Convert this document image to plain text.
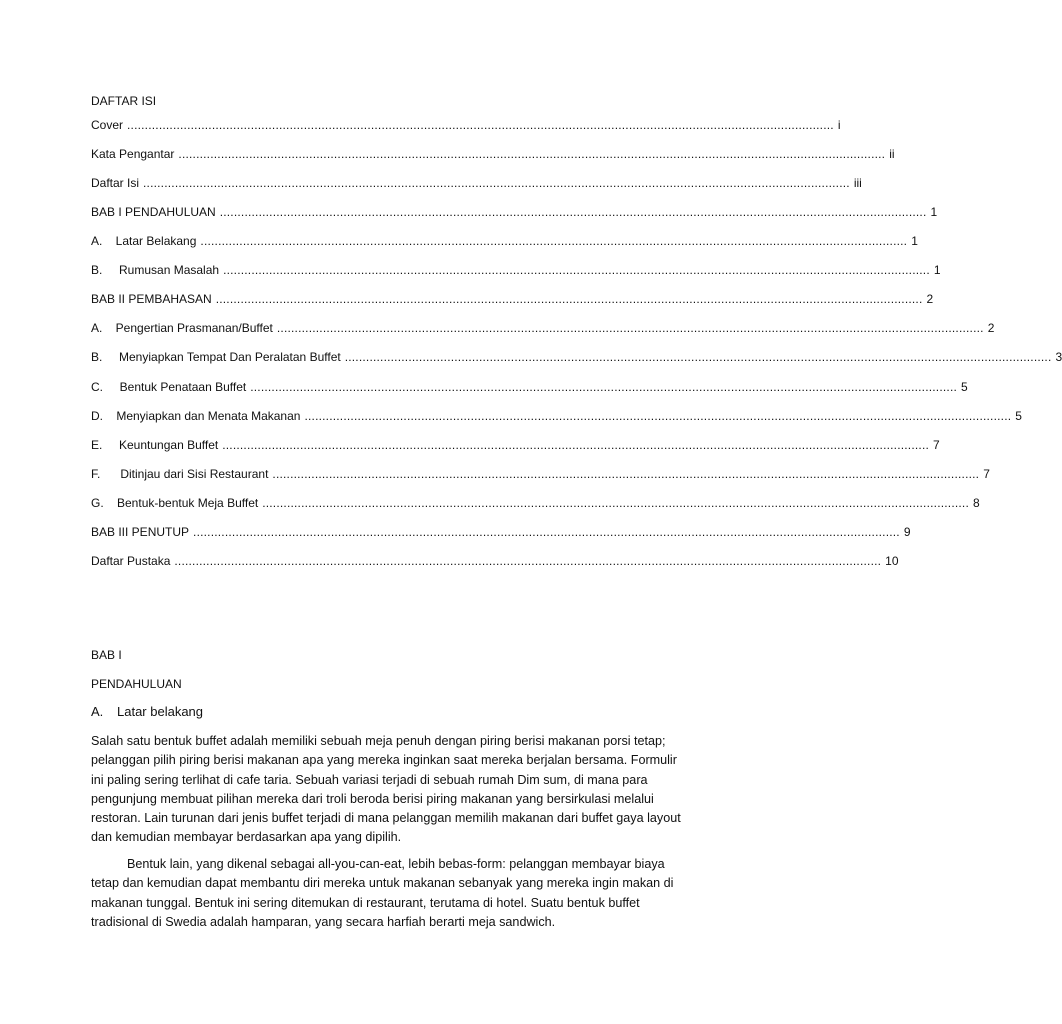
DAFTAR ISI
Cover ........................................................................................................................................................................................................ i
Kata Pengantar ........................................................................................................................................................................................................ ii
Daftar Isi ........................................................................................................................................................................................................ iii
BAB I PENDAHULUAN ........................................................................................................................................................................................................ 1
A.    Latar Belakang ........................................................................................................................................................................................................ 1
B.     Rumusan Masalah ........................................................................................................................................................................................................ 1
BAB II PEMBAHASAN ........................................................................................................................................................................................................ 2
A.    Pengertian Prasmanan/Buffet ........................................................................................................................................................................................................ 2
B.     Menyiapkan Tempat Dan Peralatan Buffet ........................................................................................................................................................................................................ 3
C.     Bentuk Penataan Buffet ........................................................................................................................................................................................................ 5
D.    Menyiapkan dan Menata Makanan ........................................................................................................................................................................................................ 5
E.     Keuntungan Buffet ........................................................................................................................................................................................................ 7
F.      Ditinjau dari Sisi Restaurant ........................................................................................................................................................................................................ 7
G.    Bentuk-bentuk Meja Buffet ........................................................................................................................................................................................................ 8
BAB III PENUTUP ........................................................................................................................................................................................................ 9
Daftar Pustaka ........................................................................................................................................................................................................ 10
BAB I
PENDAHULUAN
A. Latar belakang

Salah satu bentuk buffet adalah memiliki sebuah meja penuh dengan piring berisi makanan porsi tetap; pelanggan pilih piring berisi makanan apa yang mereka inginkan saat mereka berjalan bersama. Formulir ini paling sering terlihat di cafe taria. Sebuah variasi terjadi di sebuah rumah Dim sum, di mana para pengunjung membuat pilihan mereka dari troli beroda berisi piring makanan yang bersirkulasi melalui restoran. Lain turunan dari jenis buffet terjadi di mana pelanggan memilih makanan dari buffet gaya layout dan kemudian membayar berdasarkan apa yang dipilih.

Bentuk lain, yang dikenal sebagai all-you-can-eat, lebih bebas-form: pelanggan membayar biaya tetap dan kemudian dapat membantu diri mereka untuk makanan sebanyak yang mereka ingin makan di makanan tunggal. Bentuk ini sering ditemukan di restaurant, terutama di hotel. Suatu bentuk buffet tradisional di Swedia adalah hamparan, yang secara harfiah berarti meja sandwich.
